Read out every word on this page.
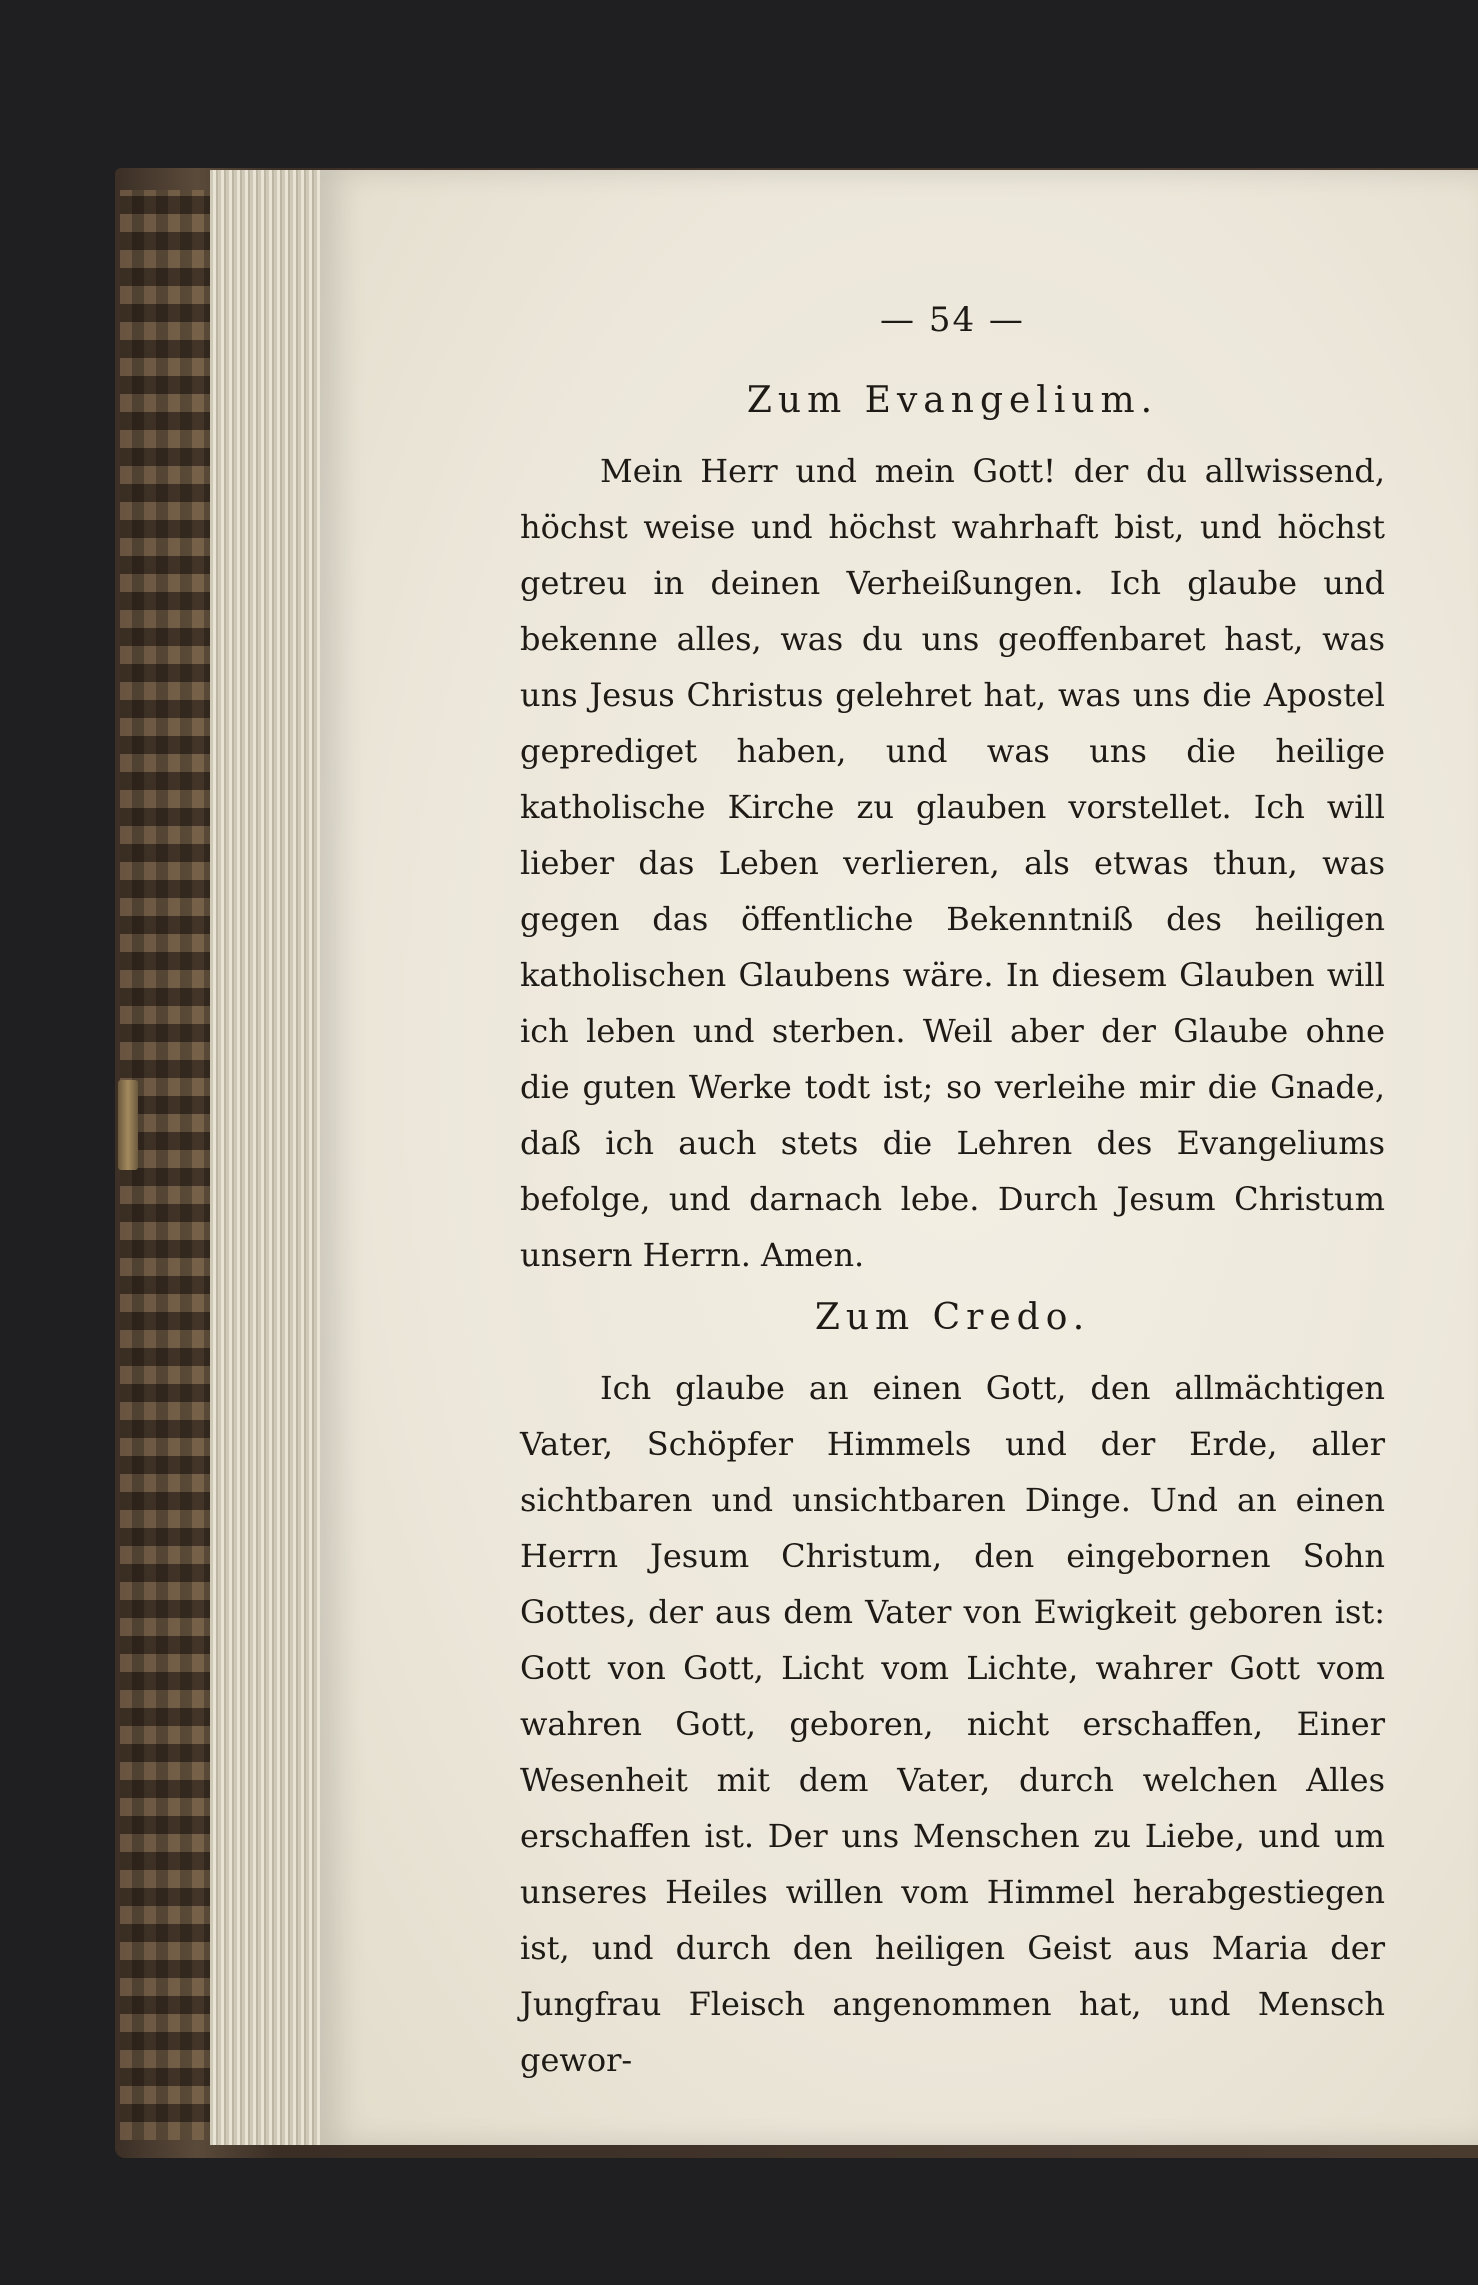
— 54 —
Zum Evangelium.

Mein Herr und mein Gott! der du allwissend, höchst weise und höchst wahrhaft bist, und höchst getreu in deinen Verheißungen. Ich glaube und bekenne alles, was du uns geoffenbaret hast, was uns Jesus Christus gelehret hat, was uns die Apostel geprediget haben, und was uns die heilige katholische Kirche zu glauben vorstellet. Ich will lieber das Leben verlieren, als etwas thun, was gegen das öffentliche Bekenntniß des heiligen katholischen Glaubens wäre. In diesem Glauben will ich leben und sterben. Weil aber der Glaube ohne die guten Werke todt ist; so verleihe mir die Gnade, daß ich auch stets die Lehren des Evangeliums befolge, und darnach lebe. Durch Jesum Christum unsern Herrn. Amen.

Zum Credo.

Ich glaube an einen Gott, den allmächtigen Vater, Schöpfer Himmels und der Erde, aller sichtbaren und unsichtbaren Dinge. Und an einen Herrn Jesum Christum, den eingebornen Sohn Gottes, der aus dem Vater von Ewigkeit geboren ist: Gott von Gott, Licht vom Lichte, wahrer Gott vom wahren Gott, geboren, nicht erschaffen, Einer Wesenheit mit dem Vater, durch welchen Alles erschaffen ist. Der uns Menschen zu Liebe, und um unseres Heiles willen vom Himmel herabgestiegen ist, und durch den heiligen Geist aus Maria der Jungfrau Fleisch angenommen hat, und Mensch gewor-
